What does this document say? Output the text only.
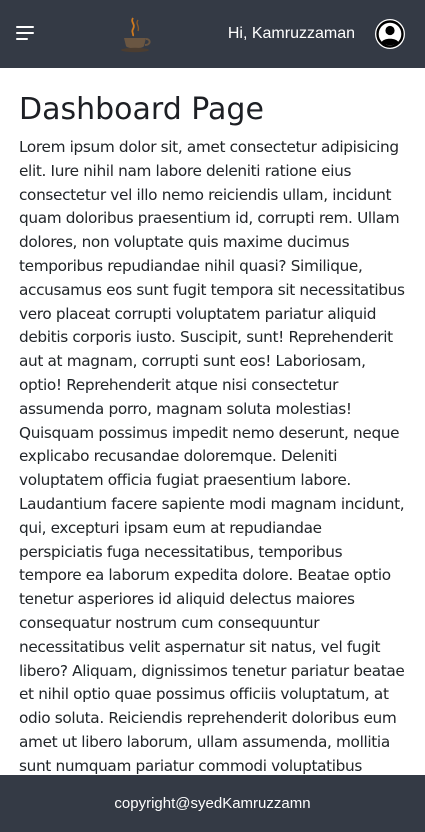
Hi, Kamruzzaman
Dashboard Page

Lorem ipsum dolor sit, amet consectetur adipisicing elit. Iure nihil nam labore deleniti ratione eius consectetur vel illo nemo reiciendis ullam, incidunt quam doloribus praesentium id, corrupti rem. Ullam dolores, non voluptate quis maxime ducimus temporibus repudiandae nihil quasi? Similique, accusamus eos sunt fugit tempora sit necessitatibus vero placeat corrupti voluptatem pariatur aliquid debitis corporis iusto. Suscipit, sunt! Reprehenderit aut at magnam, corrupti sunt eos! Laboriosam, optio! Reprehenderit atque nisi consectetur assumenda porro, magnam soluta molestias! Quisquam possimus impedit nemo deserunt, neque explicabo recusandae doloremque. Deleniti voluptatem officia fugiat praesentium labore. Laudantium facere sapiente modi magnam incidunt, qui, excepturi ipsam eum at repudiandae perspiciatis fuga necessitatibus, temporibus tempore ea laborum expedita dolore. Beatae optio tenetur asperiores id aliquid delectus maiores consequatur nostrum cum consequuntur necessitatibus velit aspernatur sit natus, vel fugit libero? Aliquam, dignissimos tenetur pariatur beatae et nihil optio quae possimus officiis voluptatum, at odio soluta. Reiciendis reprehenderit doloribus eum amet ut libero laborum, ullam assumenda, mollitia sunt numquam pariatur commodi voluptatibus

copyright@syedKamruzzamn
